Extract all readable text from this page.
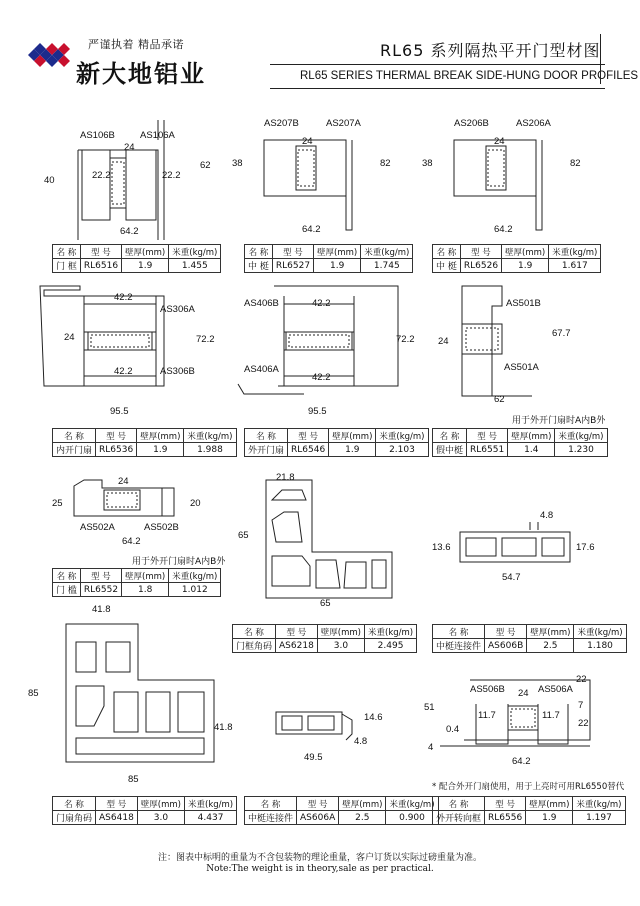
严谨执着 精品承诺
新大地铝业
RL65 系列隔热平开门型材图
RL65 SERIES THERMAL BREAK SIDE-HUNG DOOR PROFILES
AS106B	AS106A
24
22.2	22.2
40
62
64.2
AS207B	AS207A
24
38	82
64.2
AS206B	AS206A
24
38	82
64.2
名 称	型 号	壁厚(mm)	米重(kg/m)
门 框	RL6516	1.9	1.455
名 称	型 号	壁厚(mm)	米重(kg/m)
中 梃	RL6527	1.9	1.745
名 称	型 号	壁厚(mm)	米重(kg/m)
中 梃	RL6526	1.9	1.617
42.2
AS306A
24
42.2	AS306B
72.2
95.5
AS406B	42.2
72.2
AS406A
42.2
95.5
AS501B
24
67.7
AS501A
62
名 称	型 号	壁厚(mm)	米重(kg/m)
内开门扇	RL6536	1.9	1.988
名 称	型 号	壁厚(mm)	米重(kg/m)
外开门扇	RL6546	1.9	2.103
用于外开门扇时A内B外
名 称	型 号	壁厚(mm)	米重(kg/m)
假中梃	RL6551	1.4	1.230
24
25	20
AS502A	AS502B
64.2
用于外开门扇时A内B外
名 称	型 号	壁厚(mm)	米重(kg/m)
门 槛	RL6552	1.8	1.012
21.8
65
65
名 称	型 号	壁厚(mm)	米重(kg/m)
门框角码	AS6218	3.0	2.495
4.8
13.6	17.6
54.7
名 称	型 号	壁厚(mm)	米重(kg/m)
中梃连接件	AS606B	2.5	1.180
41.8
85
41.8
85
名 称	型 号	壁厚(mm)	米重(kg/m)
门扇角码	AS6418	3.0	4.437
14.6
4.8
49.5
名 称	型 号	壁厚(mm)	米重(kg/m)
中梃连接件	AS606A	2.5	0.900
AS506B	AS506A
24
22
51	7
11.7	11.7
22
0.4
4
64.2
* 配合外开门扇使用，用于上亮时可用RL6550替代
名 称	型 号	壁厚(mm)	米重(kg/m)
外开转向框	RL6556	1.9	1.197
注：图表中标明的重量为不含包装物的理论重量，客户订货以实际过磅重量为准。
Note:The weight is in theory,sale as per practical.
